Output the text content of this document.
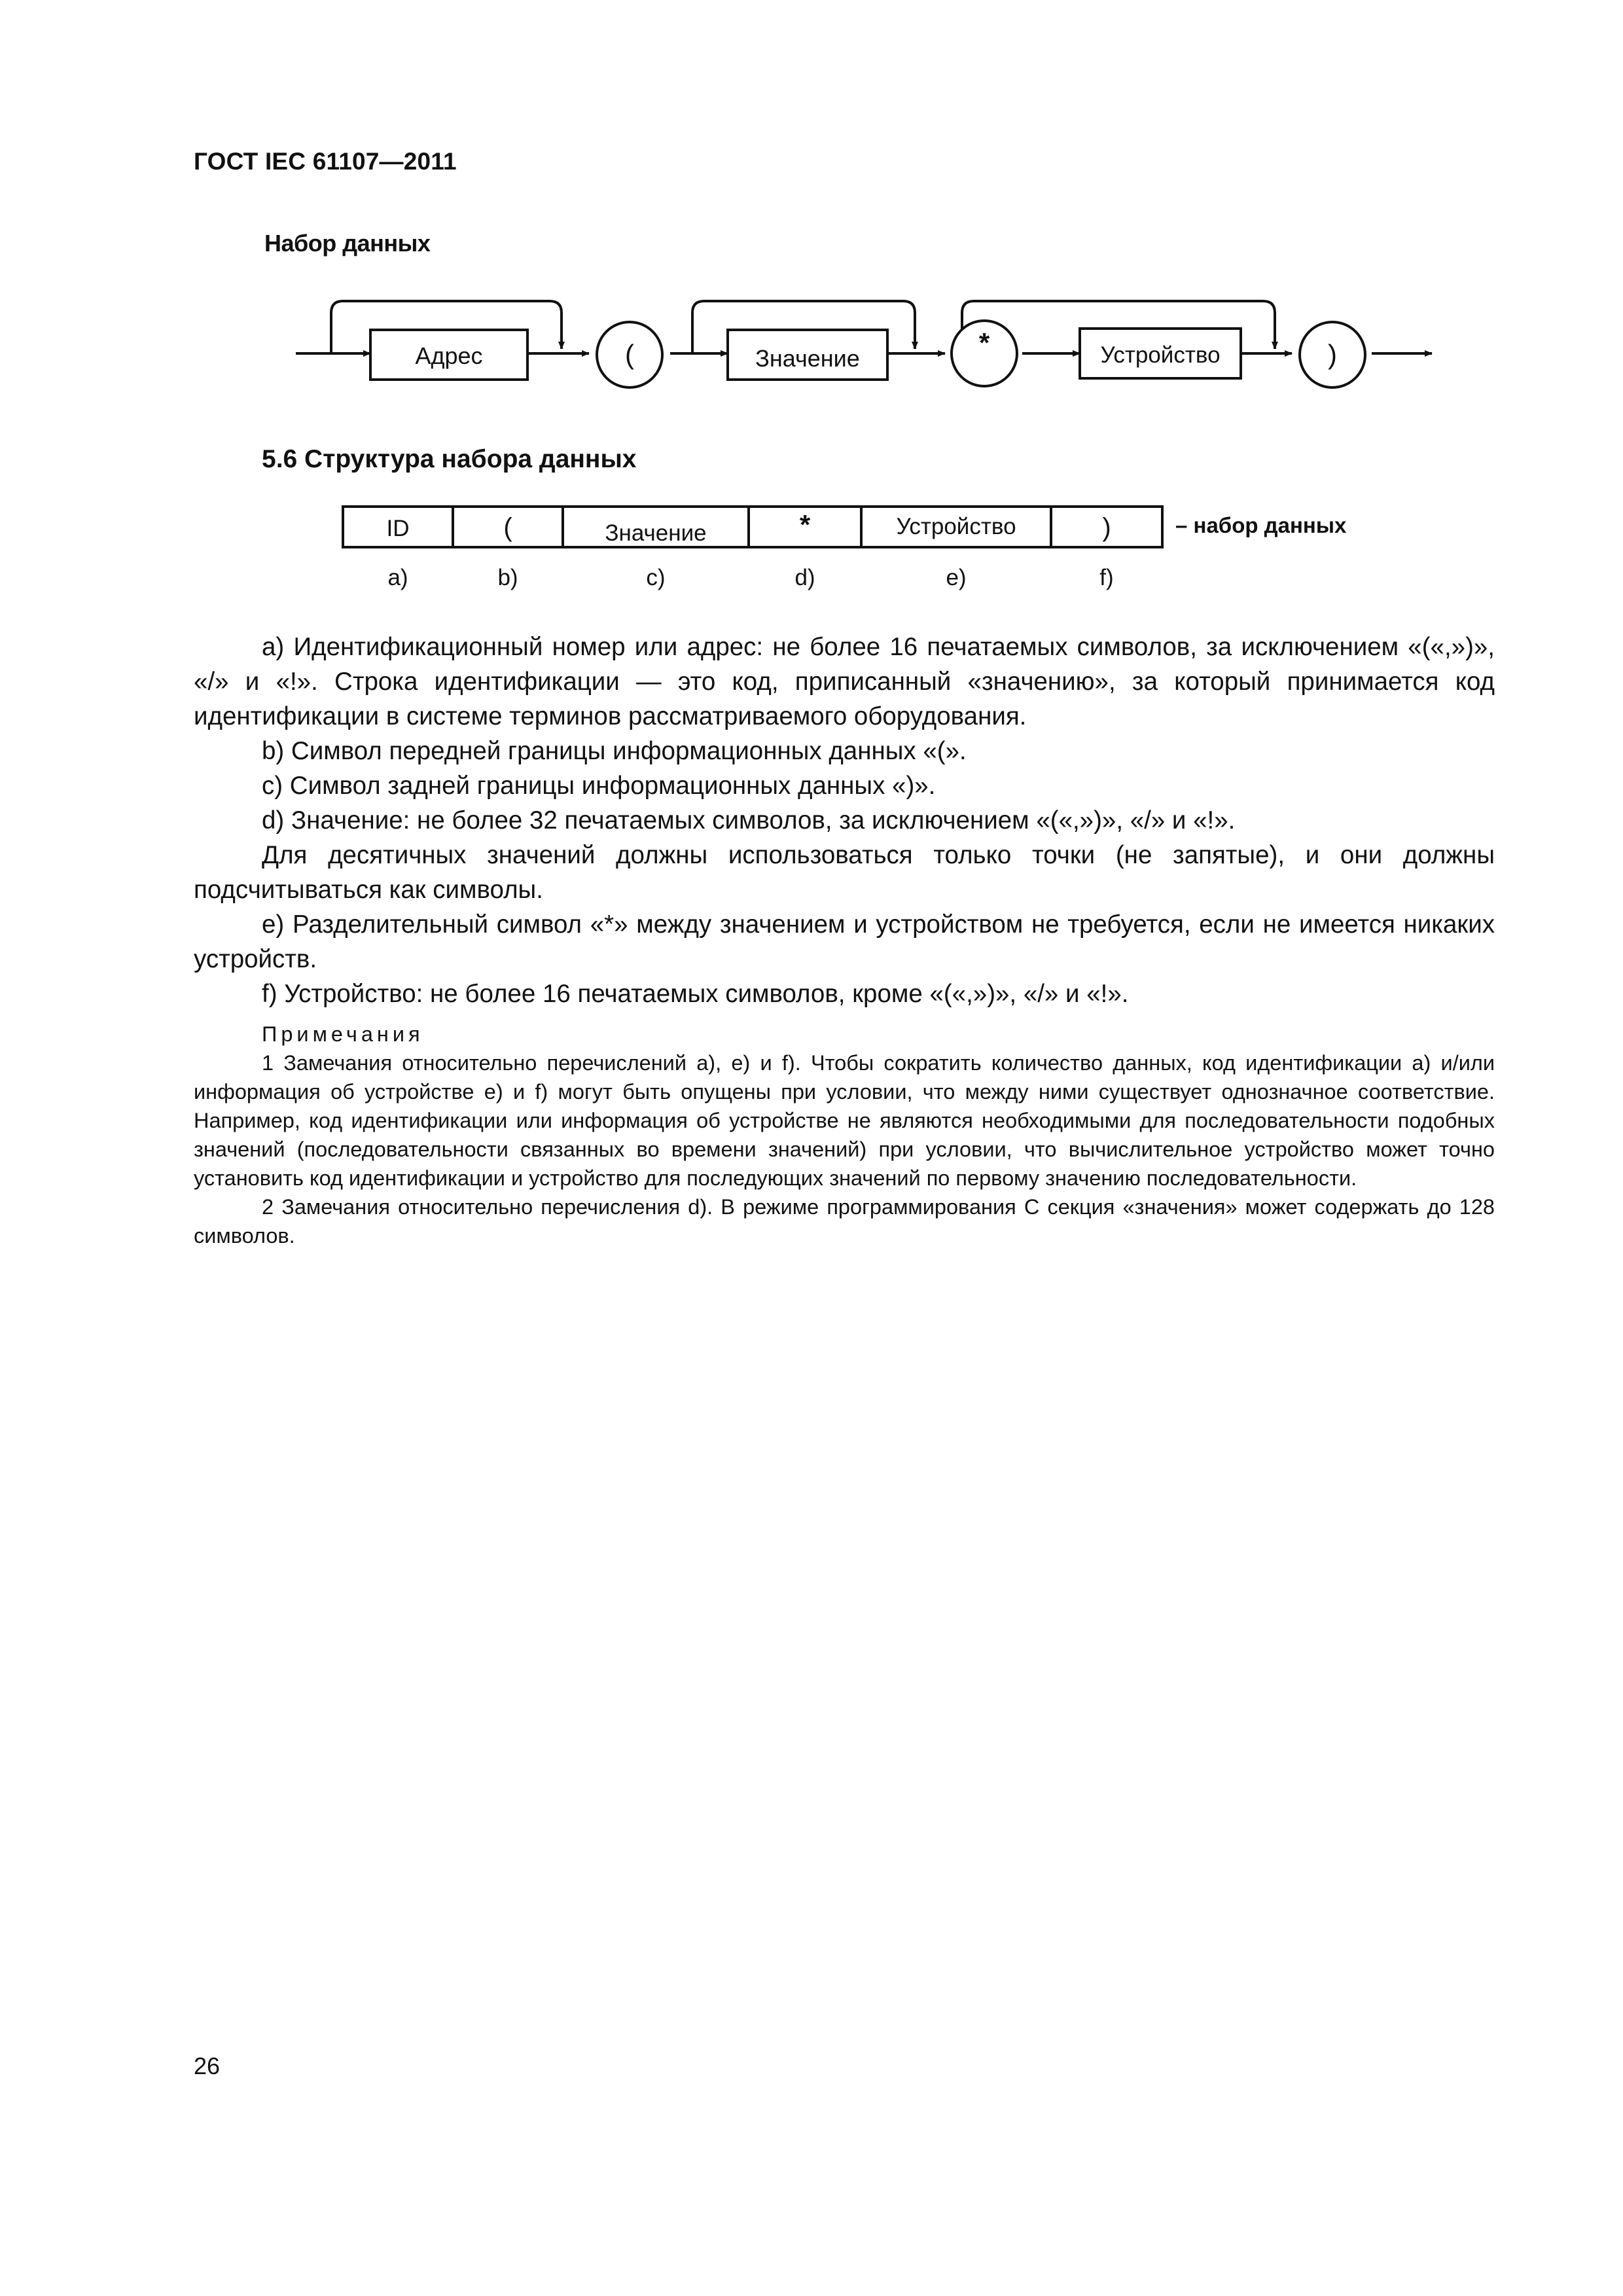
ГОСТ IEC 61107—2011
Набор данных
Адрес	Значение	Устройство
(	*	)
5.6 Структура набора данных
ID	(	Значение	*	Устройство	)
a)	b)	c)	d)	e)	f)
– набор данных

а) Идентификационный номер или адрес: не более 16 печатаемых символов, за исключением «(«,»)», «/» и «!». Строка идентификации — это код, приписанный «значению», за который принимается код идентификации в системе терминов рассматриваемого оборудования.

b) Символ передней границы информационных данных «(».

c) Символ задней границы информационных данных «)».

d) Значение: не более 32 печатаемых символов, за исключением «(«,»)», «/» и «!».

Для десятичных значений должны использоваться только точки (не запятые), и они должны подсчитываться как символы.

e) Разделительный символ «*» между значением и устройством не требуется, если не имеется никаких устройств.

f) Устройство: не более 16 печатаемых символов, кроме «(«,»)», «/» и «!».

Примечания

1 Замечания относительно перечислений а), е) и f). Чтобы сократить количество данных, код идентификации а) и/или информация об устройстве е) и f) могут быть опущены при условии, что между ними существует однозначное соответствие. Например, код идентификации или информация об устройстве не являются необходимыми для последовательности подобных значений (последовательности связанных во времени значений) при условии, что вычислительное устройство может точно установить код идентификации и устройство для последующих значений по первому значению последовательности.

2 Замечания относительно перечисления d). В режиме программирования С секция «значения» может содержать до 128 символов.

26
